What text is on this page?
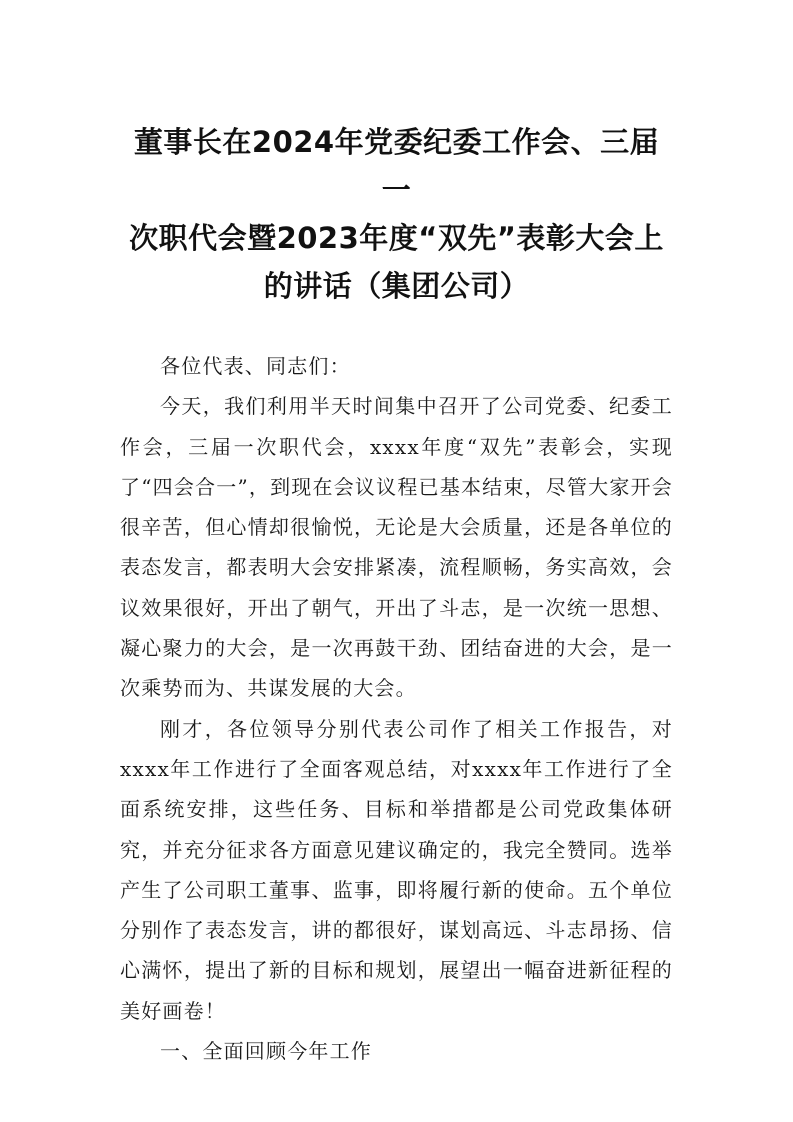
董事长在2024年党委纪委工作会、三届一
次职代会暨2023年度“双先”表彰大会上
的讲话（集团公司）

各位代表、同志们：

今天，我们利用半天时间集中召开了公司党委、纪委工作会，三届一次职代会，xxxx年度“双先”表彰会，实现了“四会合一”，到现在会议议程已基本结束，尽管大家开会很辛苦，但心情却很愉悦，无论是大会质量，还是各单位的表态发言，都表明大会安排紧凑，流程顺畅，务实高效，会议效果很好，开出了朝气，开出了斗志，是一次统一思想、凝心聚力的大会，是一次再鼓干劲、团结奋进的大会，是一次乘势而为、共谋发展的大会。

刚才，各位领导分别代表公司作了相关工作报告，对xxxx年工作进行了全面客观总结，对xxxx年工作进行了全面系统安排，这些任务、目标和举措都是公司党政集体研究，并充分征求各方面意见建议确定的，我完全赞同。选举产生了公司职工董事、监事，即将履行新的使命。五个单位分别作了表态发言，讲的都很好，谋划高远、斗志昂扬、信心满怀，提出了新的目标和规划，展望出一幅奋进新征程的美好画卷！

一、全面回顾今年工作
